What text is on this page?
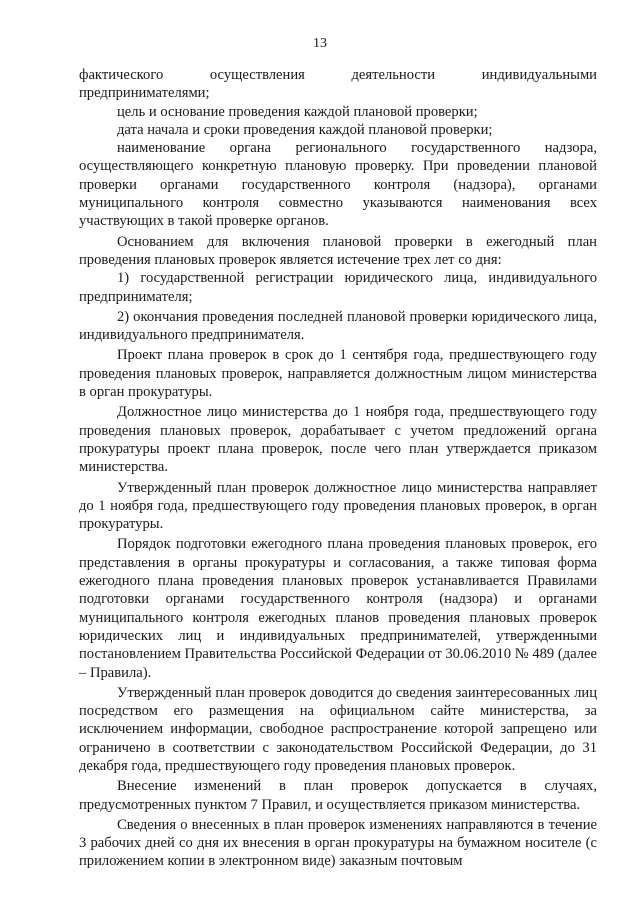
13

фактического осуществления деятельности индивидуальными предпринимателями;

цель и основание проведения каждой плановой проверки;

дата начала и сроки проведения каждой плановой проверки;

наименование органа регионального государственного надзора, осуществляющего конкретную плановую проверку. При проведении плановой проверки органами государственного контроля (надзора), органами муниципального контроля совместно указываются наименования всех участвующих в такой проверке органов.

Основанием для включения плановой проверки в ежегодный план проведения плановых проверок является истечение трех лет со дня:

1) государственной регистрации юридического лица, индивидуального предпринимателя;

2) окончания проведения последней плановой проверки юридического лица, индивидуального предпринимателя.

Проект плана проверок в срок до 1 сентября года, предшествующего году проведения плановых проверок, направляется должностным лицом министерства в орган прокуратуры.

Должностное лицо министерства до 1 ноября года, предшествующего году проведения плановых проверок, дорабатывает с учетом предложений органа прокуратуры проект плана проверок, после чего план утверждается приказом министерства.

Утвержденный план проверок должностное лицо министерства направляет до 1 ноября года, предшествующего году проведения плановых проверок, в орган прокуратуры.

Порядок подготовки ежегодного плана проведения плановых проверок, его представления в органы прокуратуры и согласования, а также типовая форма ежегодного плана проведения плановых проверок устанавливается Правилами подготовки органами государственного контроля (надзора) и органами муниципального контроля ежегодных планов проведения плановых проверок юридических лиц и индивидуальных предпринимателей, утвержденными постановлением Правительства Российской Федерации от 30.06.2010 № 489 (далее – Правила).

Утвержденный план проверок доводится до сведения заинтересованных лиц посредством его размещения на официальном сайте министерства, за исключением информации, свободное распространение которой запрещено или ограничено в соответствии с законодательством Российской Федерации, до 31 декабря года, предшествующего году проведения плановых проверок.

Внесение изменений в план проверок допускается в случаях, предусмотренных пунктом 7 Правил, и осуществляется приказом министерства.

Сведения о внесенных в план проверок изменениях направляются в течение 3 рабочих дней со дня их внесения в орган прокуратуры на бумажном носителе (с приложением копии в электронном виде) заказным почтовым
